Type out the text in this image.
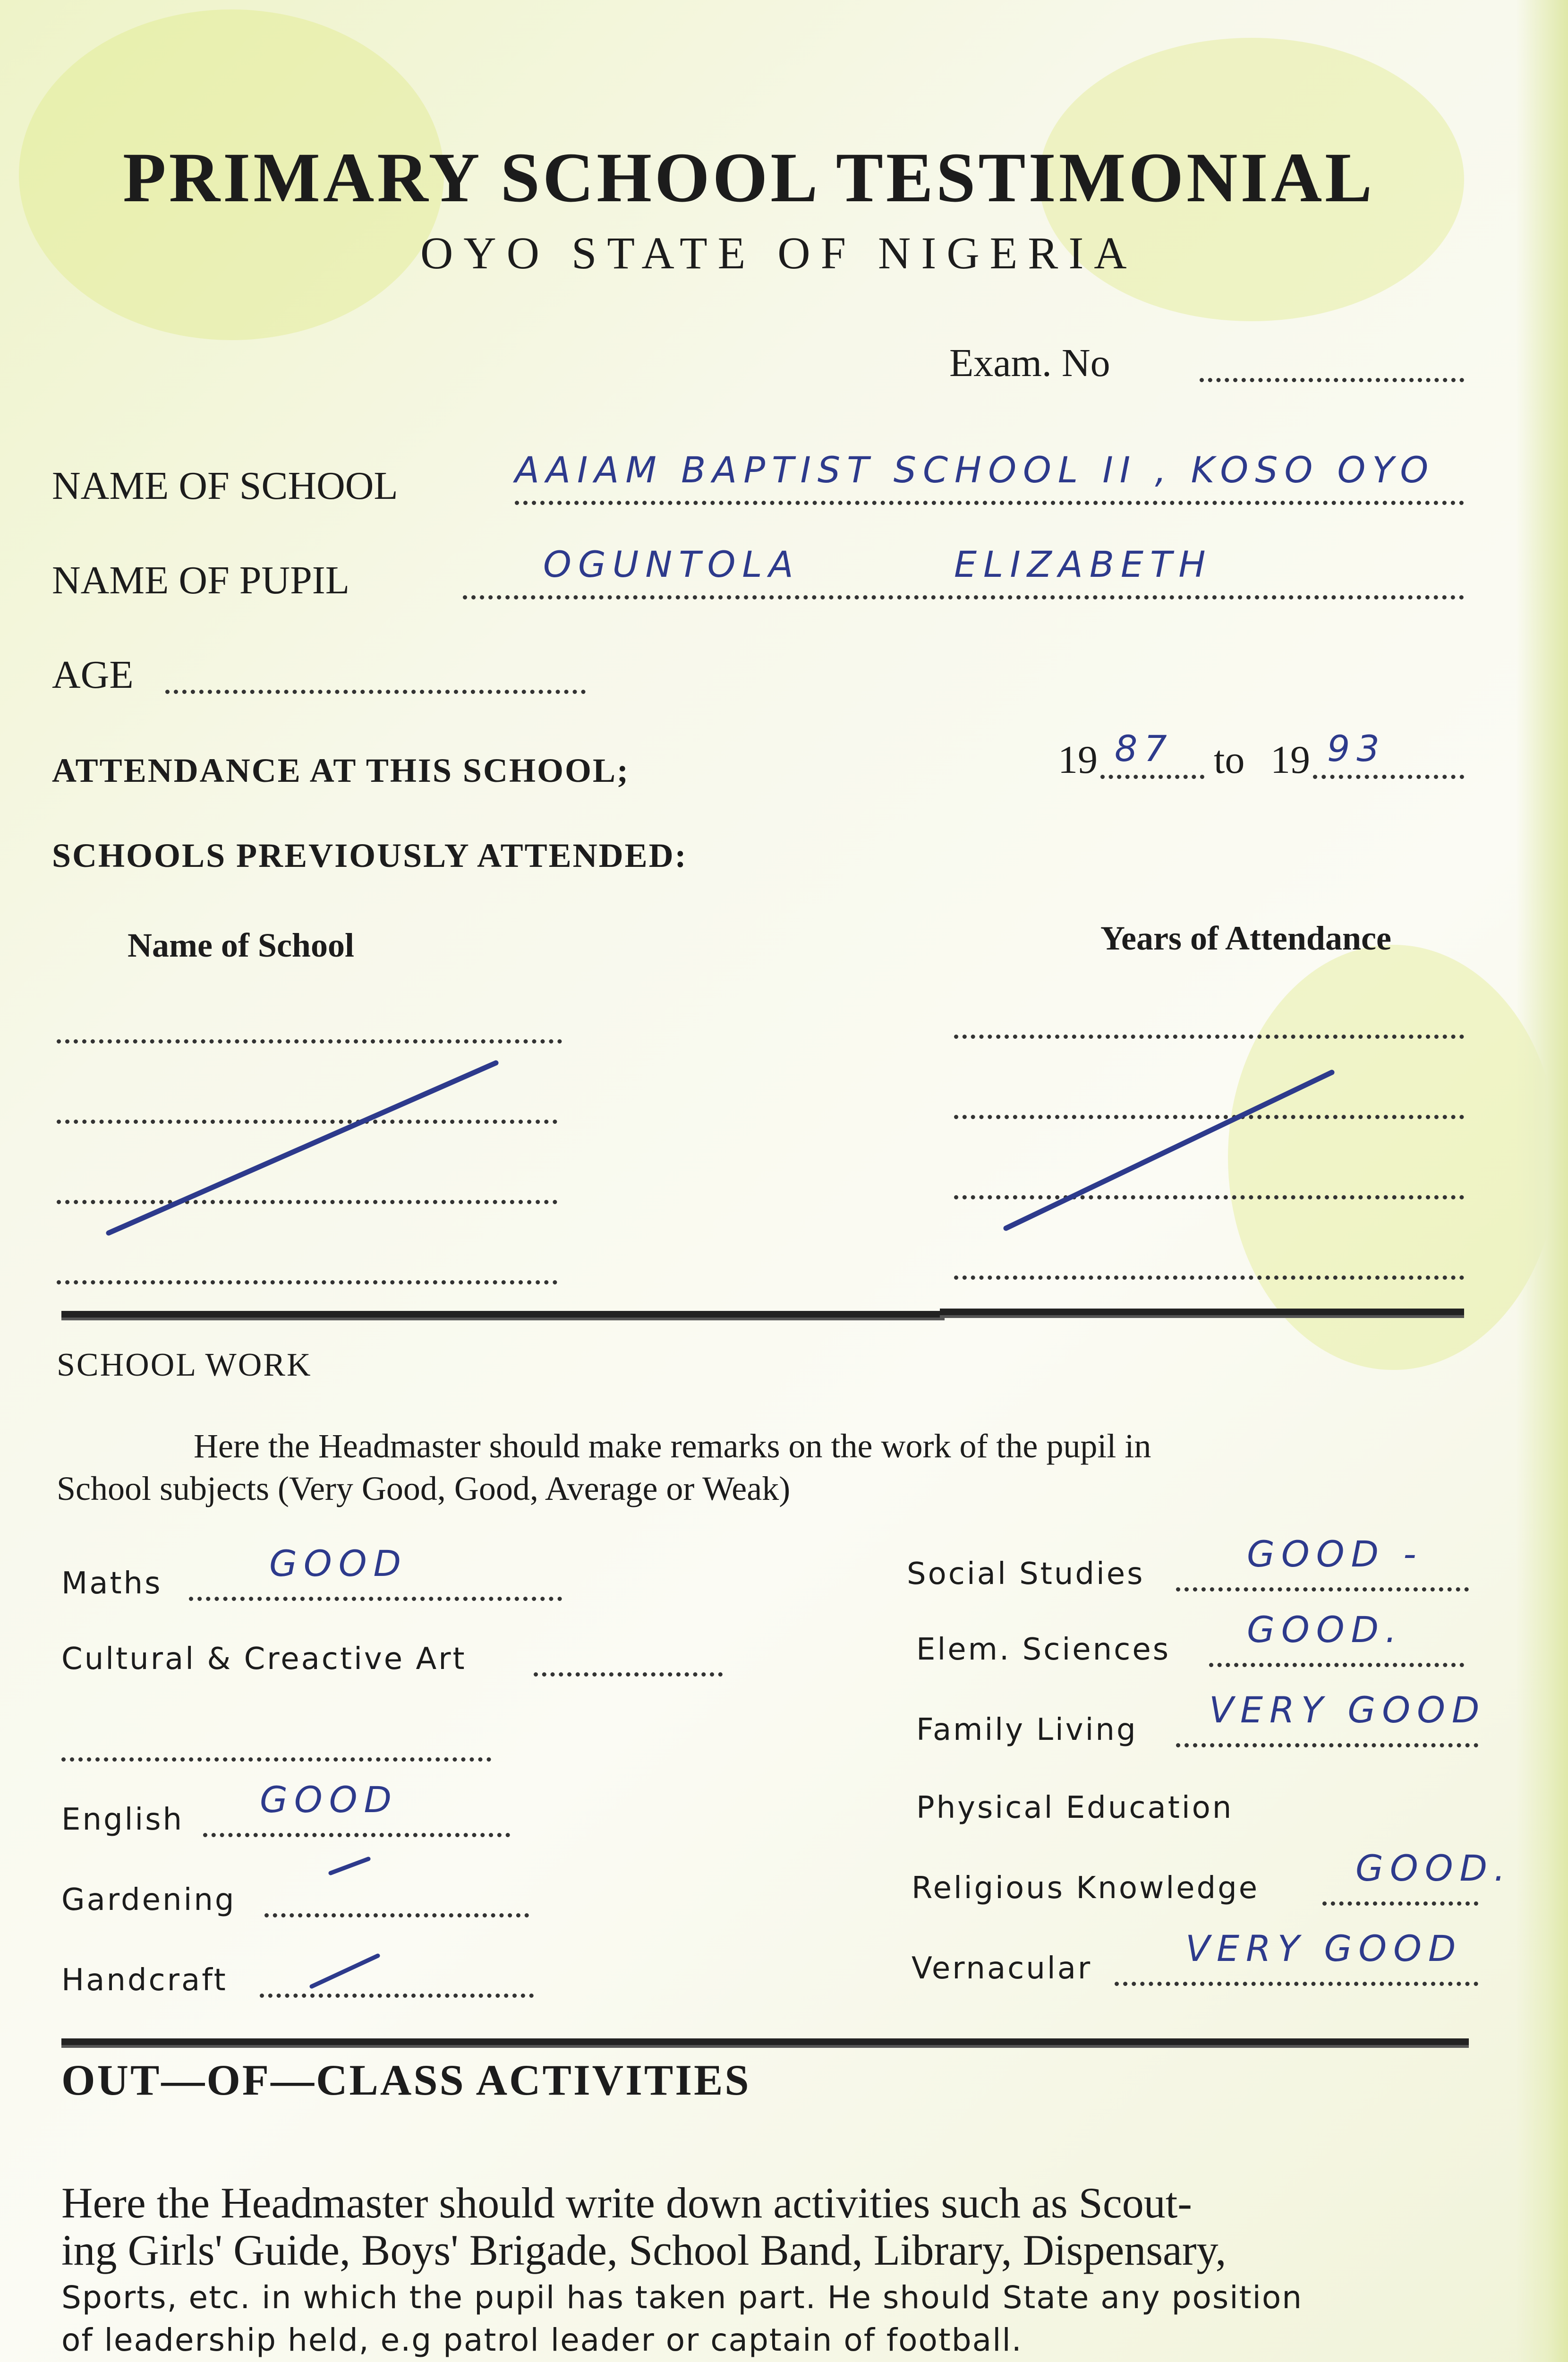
PRIMARY SCHOOL TESTIMONIAL
OYO STATE OF NIGERIA
Exam. No
NAME OF SCHOOL	AAIAM BAPTIST SCHOOL II , KOSO OYO
NAME OF PUPIL	OGUNTOLA	ELIZABETH
AGE
ATTENDANCE AT THIS SCHOOL;	19 87 to 19 93
SCHOOLS PREVIOUSLY ATTENDED:
Name of School	Years of Attendance
SCHOOL WORK
Here the Headmaster should make remarks on the work of the pupil in
School subjects (Very Good, Good, Average or Weak)
Maths	GOOD
Cultural & Creactive Art
English GOOD
Gardening
Handcraft
Social Studies	GOOD -
Elem. Sciences GOOD.
Family Living VERY GOOD
Physical Education
Religious Knowledge	GOOD.
Vernacular	VERY GOOD
OUT—OF—CLASS ACTIVITIES
Here the Headmaster should write down activities such as Scout-
ing Girls' Guide, Boys' Brigade, School Band, Library, Dispensary,
Sports, etc. in which the pupil has taken part. He should State any position
of leadership held, e.g patrol leader or captain of football.
